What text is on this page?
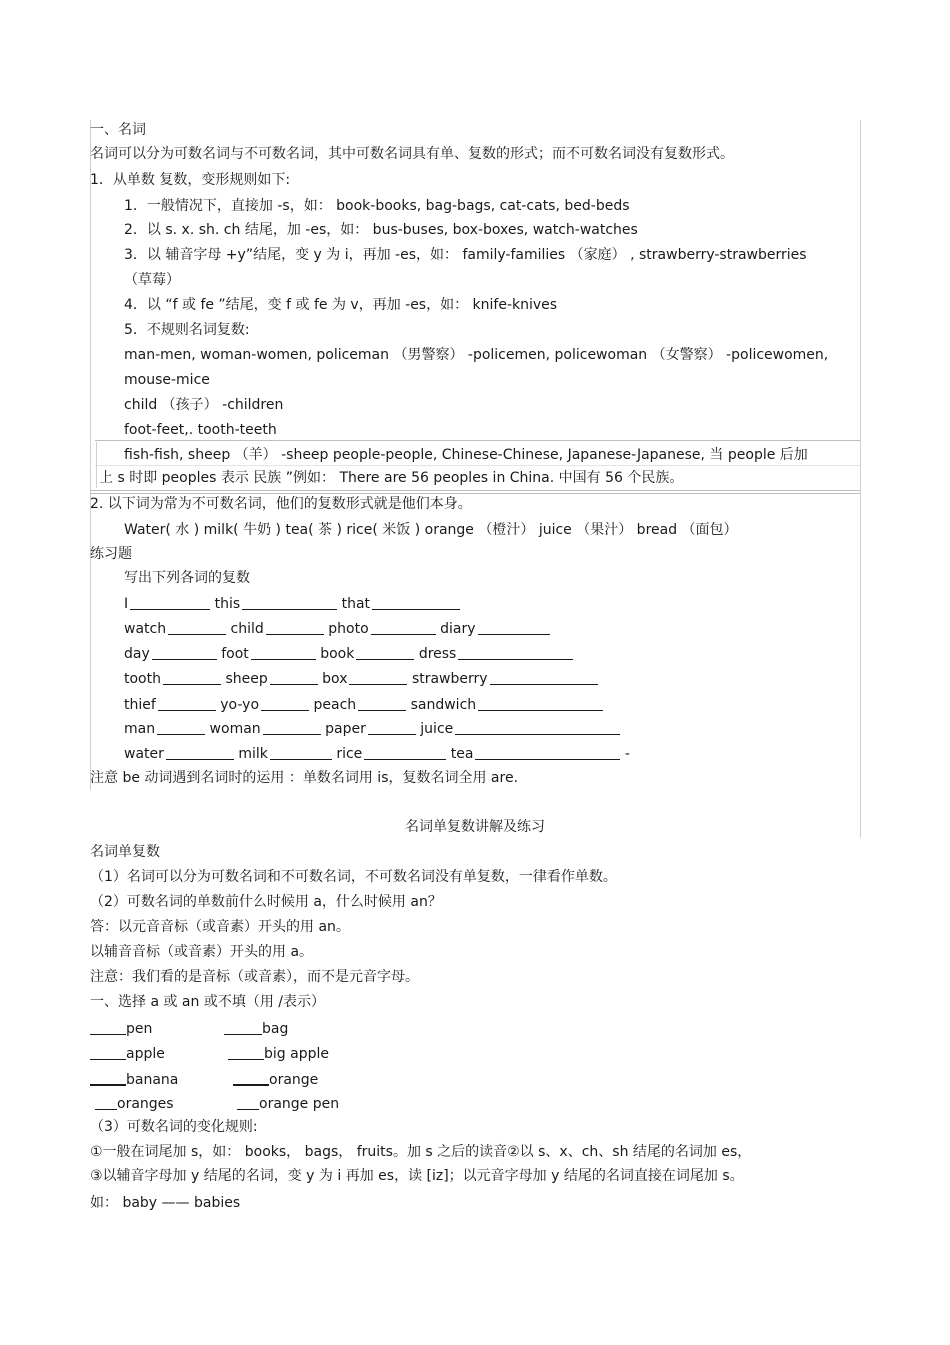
一、名词
名词可以分为可数名词与不可数名词，其中可数名词具有单、复数的形式；而不可数名词没有复数形式。
1．从单数 复数，变形规则如下:
1．一般情况下，直接加 -s，如： book-books, bag-bags, cat-cats, bed-beds
2．以 s. x. sh. ch 结尾，加 -es，如： bus-buses, box-boxes, watch-watches
3．以 辅音字母 +y”结尾，变 y 为 i，再加 -es，如： family-families （家庭） , strawberry-strawberries
（草莓）
4．以 “f 或 fe ”结尾，变 f 或 fe 为 v，再加 -es，如： knife-knives
5．不规则名词复数:
man-men, woman-women, policeman （男警察） -policemen, policewoman （女警察） -policewomen,
mouse-mice
child （孩子） -children
foot-feet,. tooth-teeth
fish-fish, sheep （羊） -sheep people-people, Chinese-Chinese, Japanese-Japanese, 当 people 后加
上 s 时即 peoples 表示 民族 ”例如： There are 56 peoples in China. 中国有 56 个民族。
2. 以下词为常为不可数名词，他们的复数形式就是他们本身。
Water( 水 ) milk( 牛奶 ) tea( 茶 ) rice( 米饭 ) orange （橙汁） juice （果汁） bread （面包）
练习题
写出下列各词的复数
I	this	that
watch	child	photo	diary
day	foot	book	dress
tooth	sheep	box	strawberry
thief	yo-yo	peach	sandwich
man	woman	paper	juice
water	milk	rice	tea	-
注意 be 动词遇到名词时的运用 ：单数名词用 is，复数名词全用 are.
名词单复数讲解及练习
名词单复数
（1）名词可以分为可数名词和不可数名词，不可数名词没有单复数，一律看作单数。
（2）可数名词的单数前什么时候用 a，什么时候用 an？
答：以元音音标（或音素）开头的用 an。
以辅音音标（或音素）开头的用 a。
注意：我们看的是音标（或音素），而不是元音字母。
一、选择 a 或 an 或不填（用 /表示）
pen	bag
apple	big apple
banana	orange
oranges	orange pen
（3）可数名词的变化规则:
①一般在词尾加 s，如： books， bags， fruits。加 s 之后的读音②以 s、x、ch、sh 结尾的名词加 es，
③以辅音字母加 y 结尾的名词，变 y 为 i 再加 es，读 [iz]；以元音字母加 y 结尾的名词直接在词尾加 s。
如： baby —— babies
